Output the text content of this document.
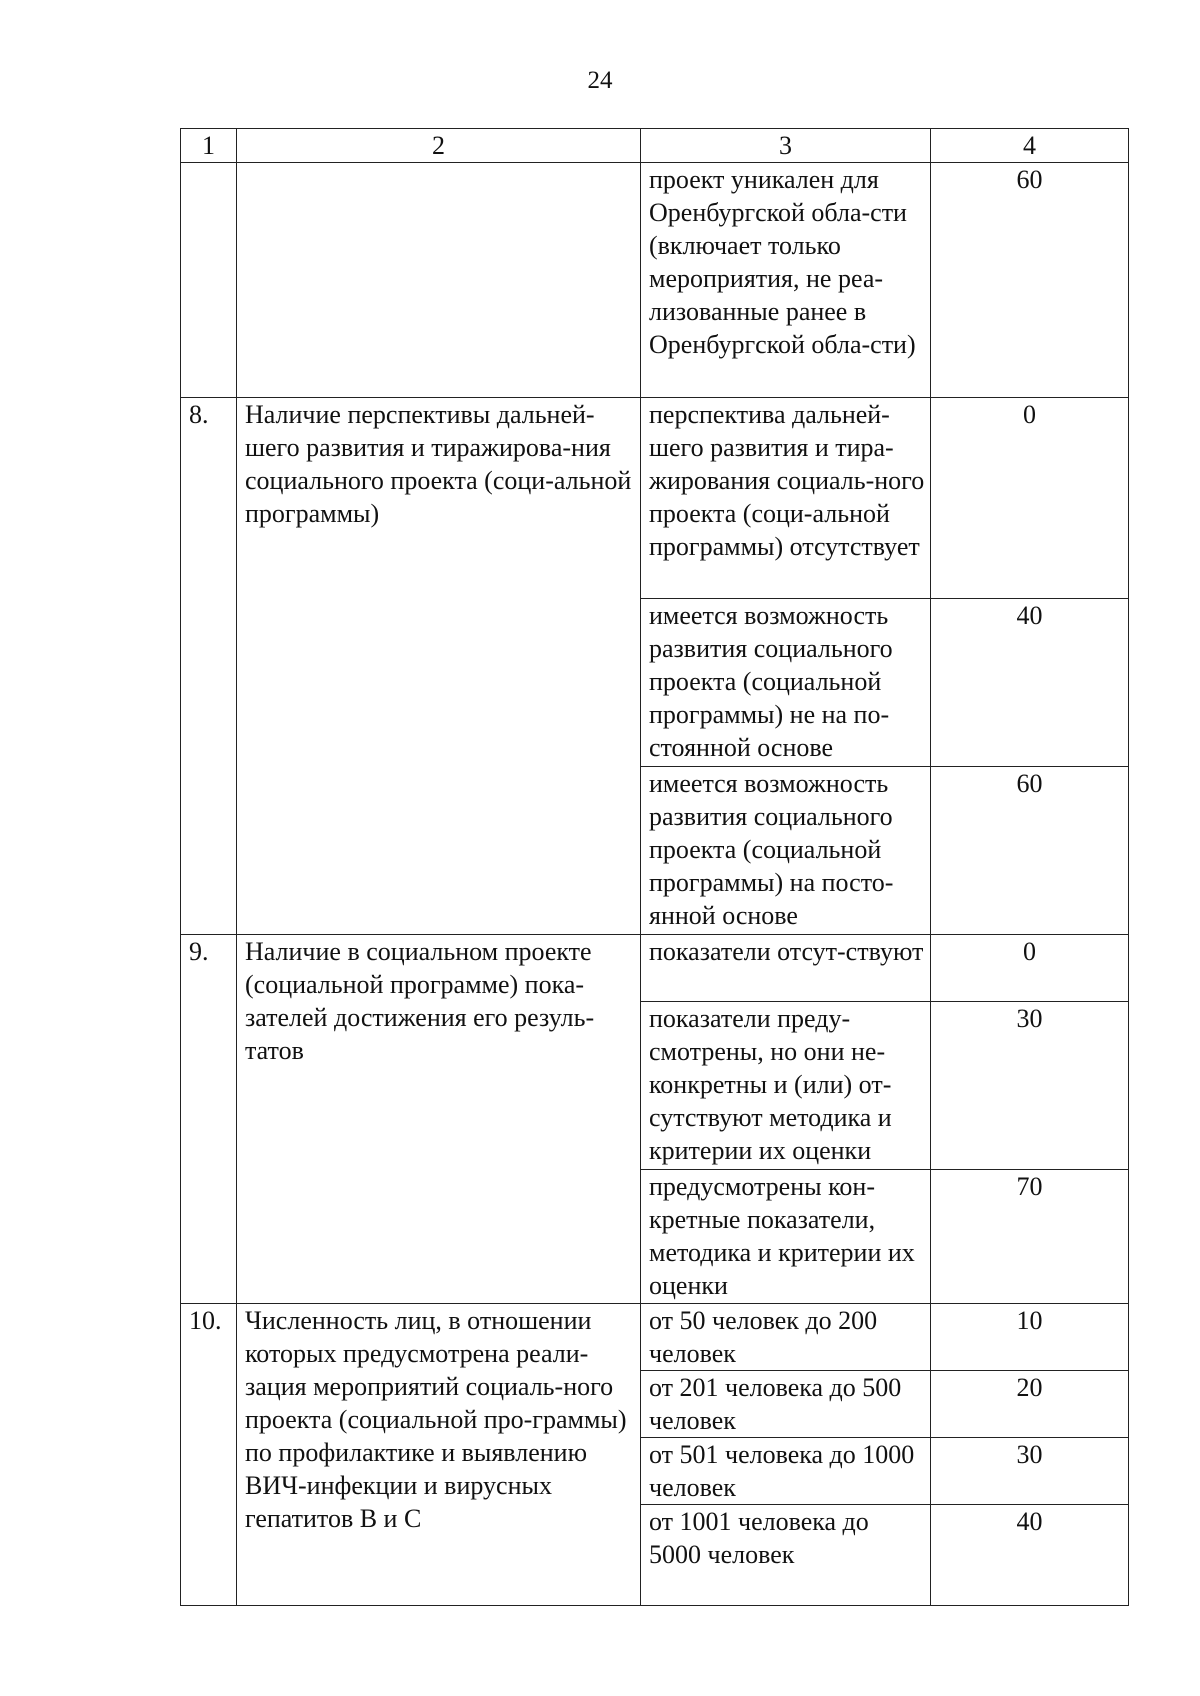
24
1	2	3	4
		проект уникален для Оренбургской обла-сти (включает только мероприятия, не реа-лизованные ранее в Оренбургской обла-сти)	60
8.	Наличие перспективы дальней-шего развития и тиражирова-ния социального проекта (соци-альной программы)	перспектива дальней-шего развития и тира-жирования социаль-ного проекта (соци-альной программы) отсутствует	0
		имеется возможность развития социального проекта (социальной программы) не на по-стоянной основе	40
		имеется возможность развития социального проекта (социальной программы) на посто-янной основе	60
9.	Наличие в социальном проекте (социальной программе) пока-зателей достижения его резуль-татов	показатели отсут-ствуют	0
		показатели преду-смотрены, но они не-конкретны и (или) от-сутствуют методика и критерии их оценки	30
		предусмотрены кон-кретные показатели, методика и критерии их оценки	70
10.	Численность лиц, в отношении которых предусмотрена реали-зация мероприятий социаль-ного проекта (социальной про-граммы) по профилактике и выявлению ВИЧ-инфекции и вирусных гепатитов В и С	от 50 человек до 200 человек	10
		от 201 человека до 500 человек	20
		от 501 человека до 1000 человек	30
		от 1001 человека до 5000 человек	40
